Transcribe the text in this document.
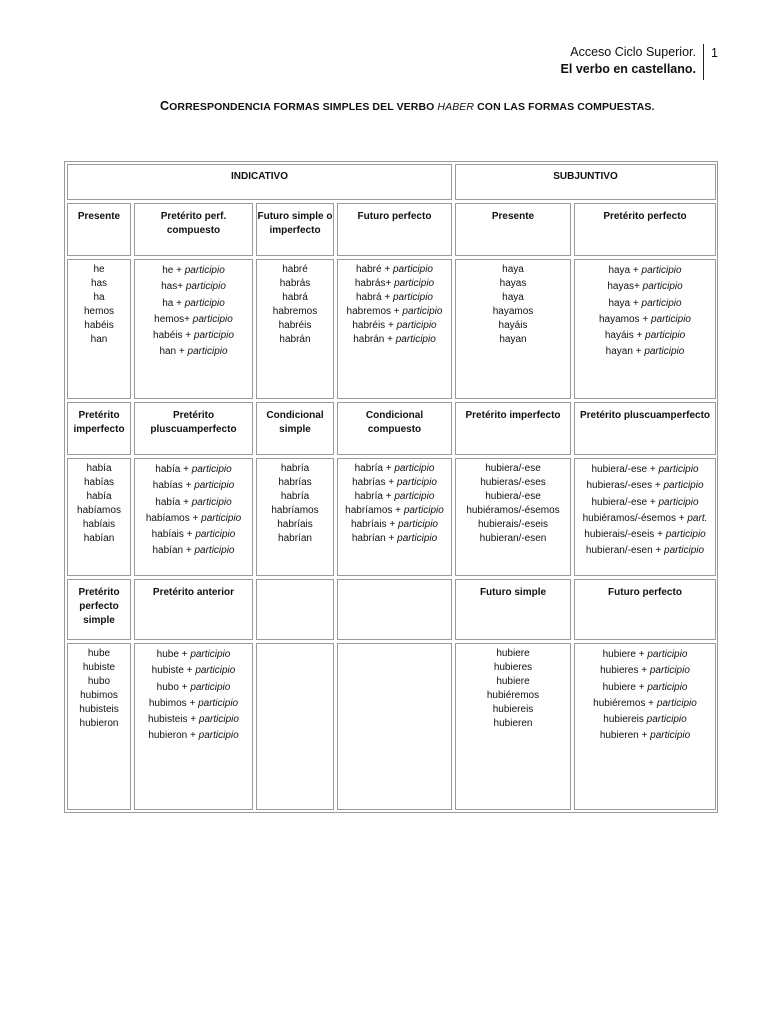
Acceso Ciclo Superior.
El verbo en castellano.
1
CORRESPONDENCIA FORMAS SIMPLES DEL VERBO HABER CON LAS FORMAS COMPUESTAS.
INDICATIVO	SUBJUNTIVO
Presente
he
has
ha
hemos
habéis
han
Pretérito perf. compuesto
he + participio
has+ participio
ha + participio
hemos+ participio
habéis + participio
han + participio
Futuro simple o imperfecto
habré
habrás
habrá
habremos
habréis
habrán
Futuro perfecto
habré + participio
habrás+ participio
habrá + participio
habremos + participio
habréis + participio
habrán + participio
Presente
haya
hayas
haya
hayamos
hayáis
hayan
Pretérito perfecto
haya + participio
hayas+ participio
haya + participio
hayamos + participio
hayáis + participio
hayan + participio
Pretérito imperfecto
había
habías
había
habíamos
habíais
habían
Pretérito pluscuamperfecto
había + participio
habías + participio
había + participio
habíamos + participio
habíais + participio
habían + participio
Condicional simple
habría
habrías
habría
habríamos
habríais
habrían
Condicional compuesto
habría + participio
habrías + participio
habría + participio
habríamos + participio
habríais + participio
habrían + participio
Pretérito imperfecto
hubiera/-ese
hubieras/-eses
hubiera/-ese
hubiéramos/-ésemos
hubierais/-eseis
hubieran/-esen
Pretérito pluscuamperfecto
hubiera/-ese + participio
hubieras/-eses + participio
hubiera/-ese + participio
hubiéramos/-ésemos + part.
hubierais/-eseis + participio
hubieran/-esen + participio
Pretérito perfecto simple
hube
hubiste
hubo
hubimos
hubisteis
hubieron
Pretérito anterior
hube + participio
hubiste + participio
hubo + participio
hubimos + participio
hubisteis + participio
hubieron + participio
Futuro simple
hubiere
hubieres
hubiere
hubiéremos
hubiereis
hubieren
Futuro perfecto
hubiere + participio
hubieres + participio
hubiere + participio
hubiéremos + participio
hubiereis participio
hubieren + participio
